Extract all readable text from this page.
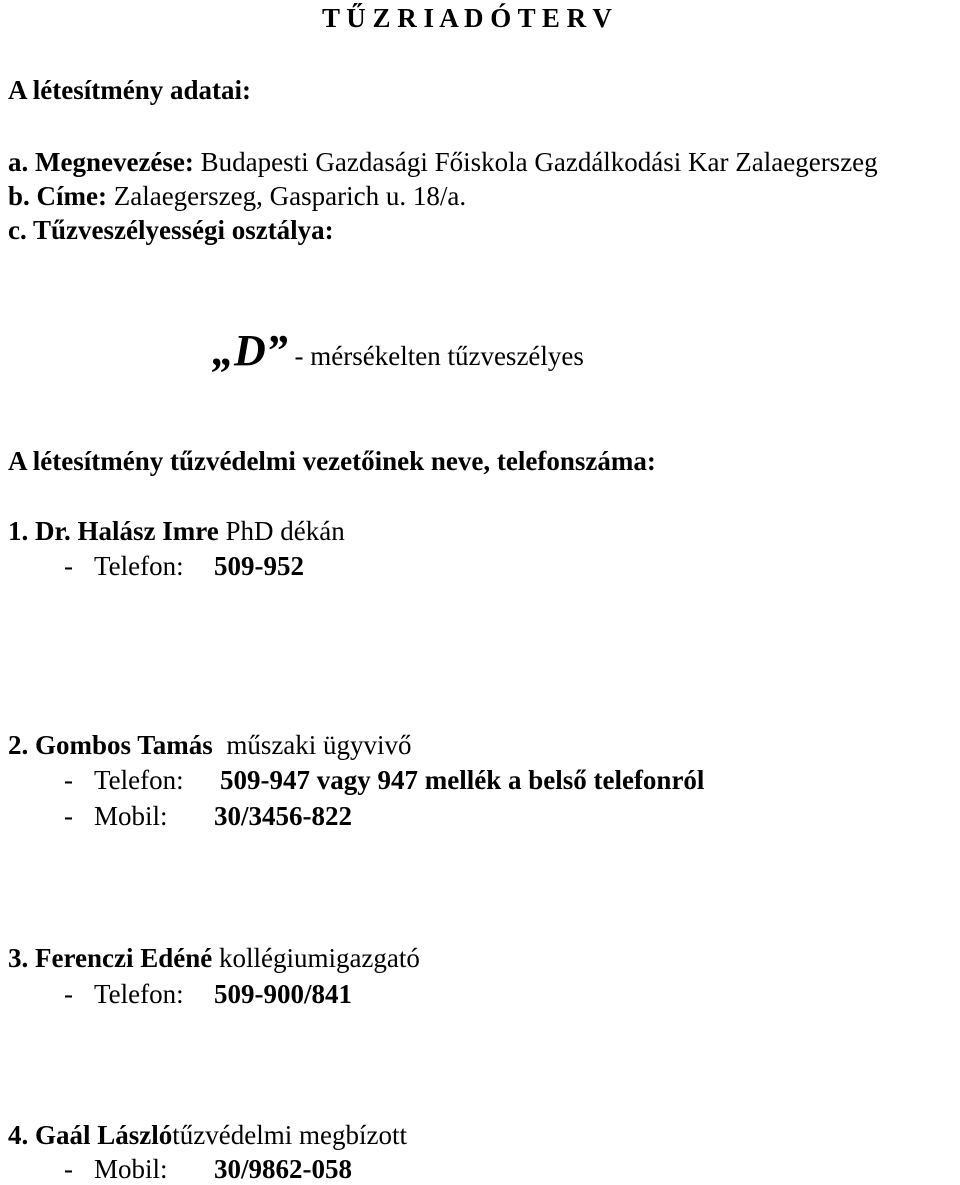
T Ű Z R I A D Ó T E R V
A létesítmény adatai:
a. Megnevezése: Budapesti Gazdasági Főiskola Gazdálkodási Kar Zalaegerszeg
b. Címe: Zalaegerszeg, Gasparich u. 18/a.
c. Tűzveszélyességi osztálya:
„D” - mérsékelten tűzveszélyes
A létesítmény tűzvédelmi vezetőinek neve, telefonszáma:
1. Dr. Halász Imre PhD dékán
- Telefon: 509-952
2. Gombos Tamás  műszaki ügyvivő
- Telefon: 509-947 vagy 947 mellék a belső telefonról
- Mobil: 30/3456-822
3. Ferenczi Edéné kollégiumigazgató
- Telefon: 509-900/841
4. Gaál Lászlótűzvédelmi megbízott
- Mobil: 30/9862-058
